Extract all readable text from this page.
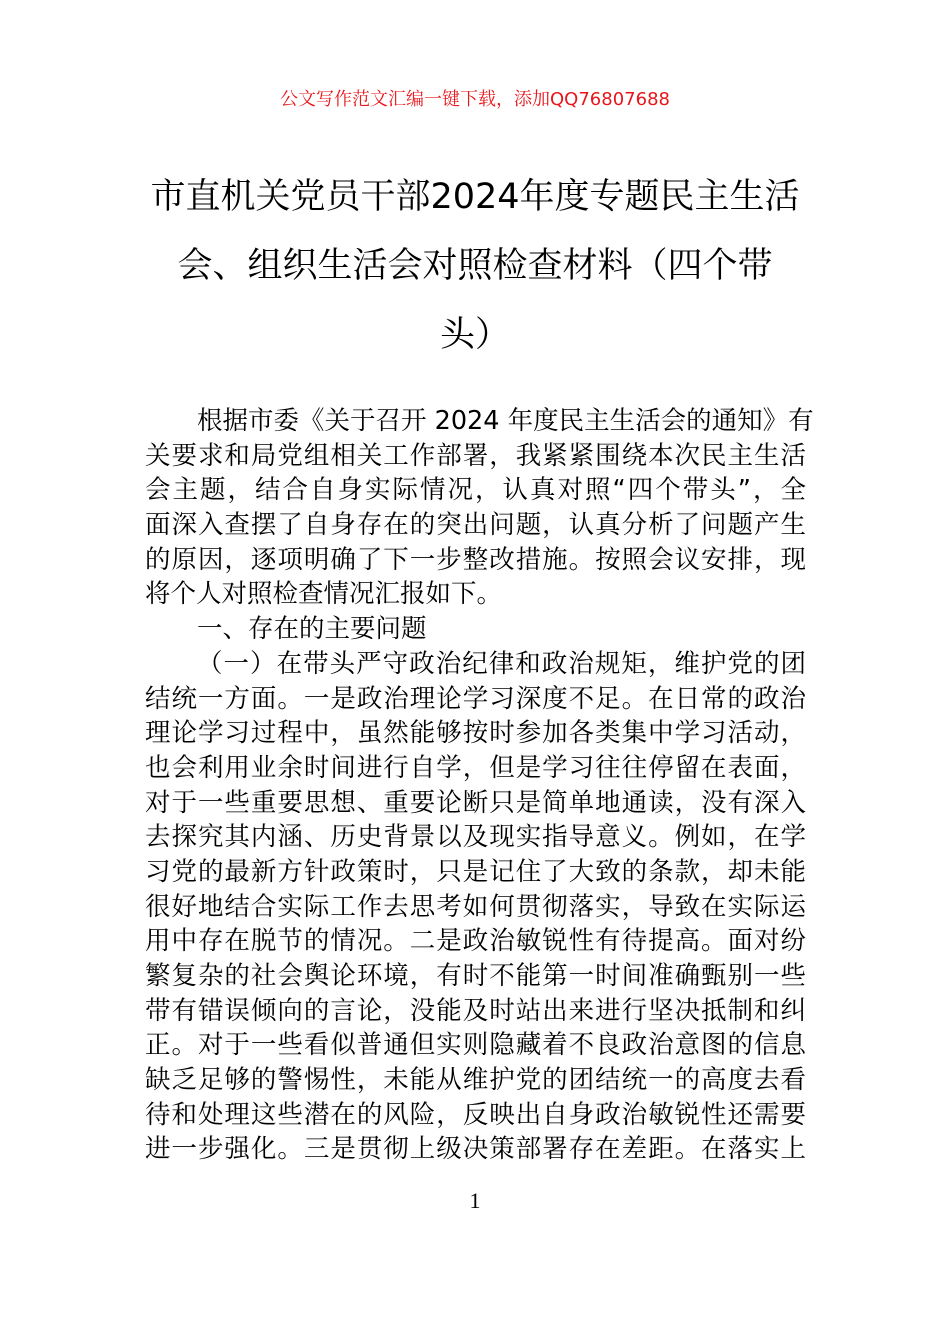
公文写作范文汇编一键下载，添加QQ76807688
市直机关党员干部2024年度专题民主生活
会、组织生活会对照检查材料（四个带
头）
根据市委《关于召开 2024 年度民主生活会的通知》有
关要求和局党组相关工作部署，我紧紧围绕本次民主生活
会主题，结合自身实际情况，认真对照“四个带头”，全
面深入查摆了自身存在的突出问题，认真分析了问题产生
的原因，逐项明确了下一步整改措施。按照会议安排，现
将个人对照检查情况汇报如下。
一、存在的主要问题
（一）在带头严守政治纪律和政治规矩，维护党的团
结统一方面。一是政治理论学习深度不足。在日常的政治
理论学习过程中，虽然能够按时参加各类集中学习活动，
也会利用业余时间进行自学，但是学习往往停留在表面，
对于一些重要思想、重要论断只是简单地通读，没有深入
去探究其内涵、历史背景以及现实指导意义。例如，在学
习党的最新方针政策时，只是记住了大致的条款，却未能
很好地结合实际工作去思考如何贯彻落实，导致在实际运
用中存在脱节的情况。二是政治敏锐性有待提高。面对纷
繁复杂的社会舆论环境，有时不能第一时间准确甄别一些
带有错误倾向的言论，没能及时站出来进行坚决抵制和纠
正。对于一些看似普通但实则隐藏着不良政治意图的信息
缺乏足够的警惕性，未能从维护党的团结统一的高度去看
待和处理这些潜在的风险，反映出自身政治敏锐性还需要
进一步强化。三是贯彻上级决策部署存在差距。在落实上
1
